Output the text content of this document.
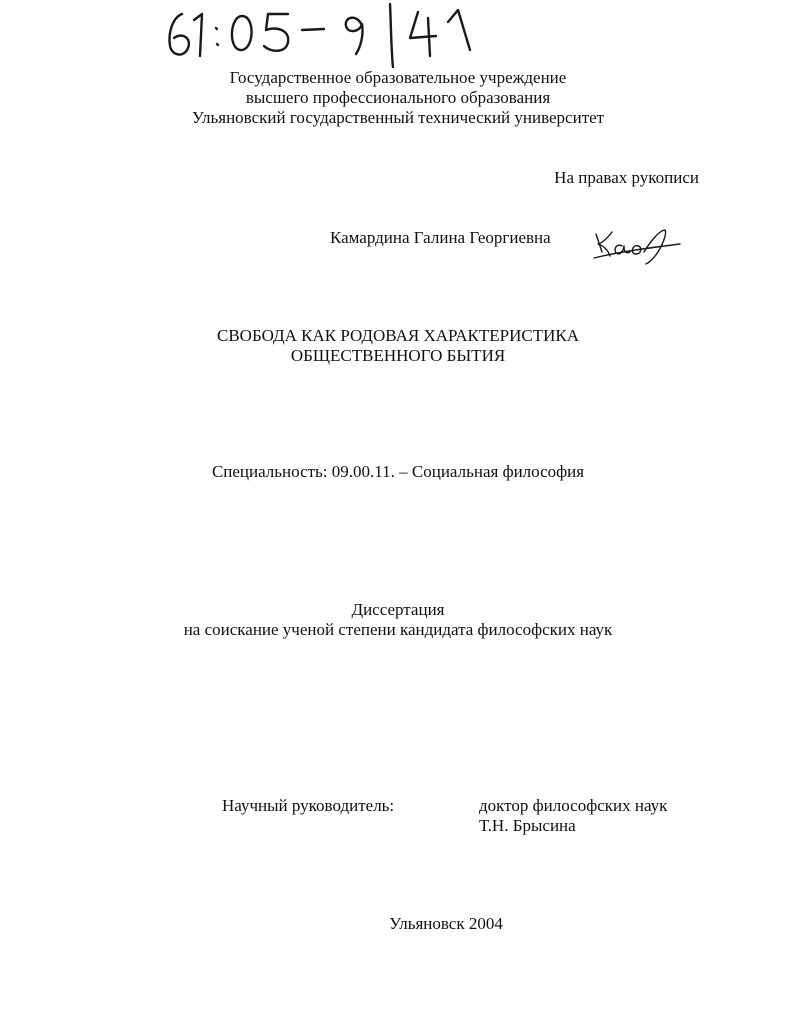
Государственное образовательное учреждение
высшего профессионального образования
Ульяновский государственный технический университет
На правах рукописи
Камардина Галина Георгиевна
СВОБОДА КАК РОДОВАЯ ХАРАКТЕРИСТИКА
ОБЩЕСТВЕННОГО БЫТИЯ
Специальность: 09.00.11. – Социальная философия
Диссертация
на соискание ученой степени кандидата философских наук
Научный руководитель:	доктор философских наук
Т.Н. Брысина
Ульяновск 2004
